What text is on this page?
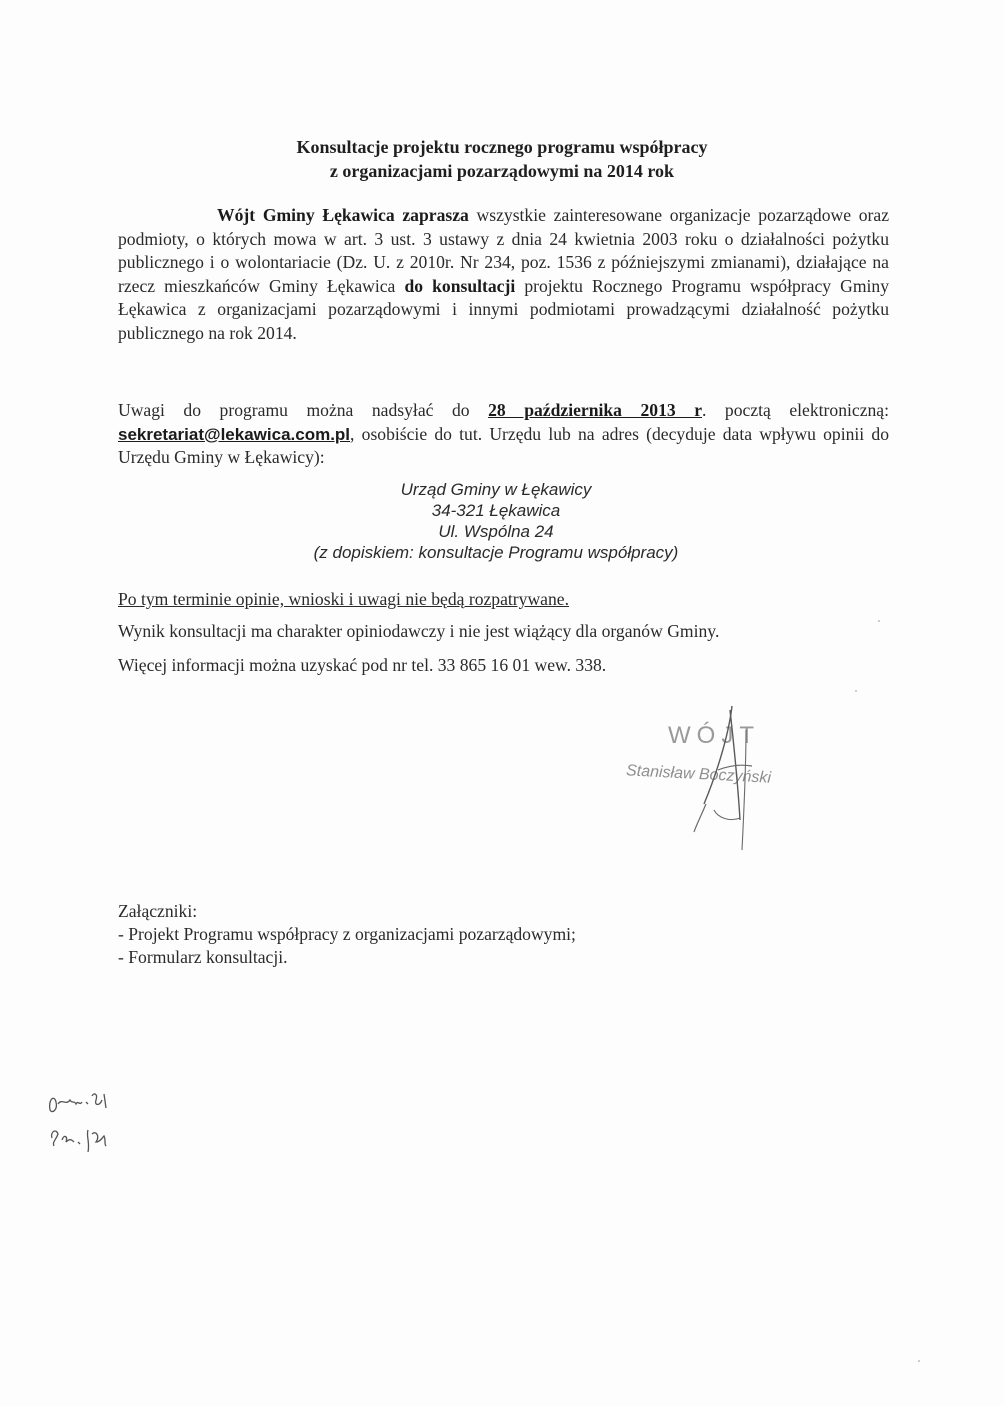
Konsultacje projektu rocznego programu współpracy
z organizacjami pozarządowymi na 2014 rok
Wójt Gminy Łękawica zaprasza wszystkie zainteresowane organizacje pozarządowe oraz podmioty, o których mowa w art. 3 ust. 3 ustawy z dnia 24 kwietnia 2003 roku o działalności pożytku publicznego i o wolontariacie (Dz. U. z 2010r. Nr 234, poz. 1536 z późniejszymi zmianami), działające na rzecz mieszkańców Gminy Łękawica do konsultacji projektu Rocznego Programu współpracy Gminy Łękawica z organizacjami pozarządowymi i innymi podmiotami prowadzącymi działalność pożytku publicznego na rok 2014.
Uwagi do programu można nadsyłać do 28 października 2013 r. pocztą elektroniczną: sekretariat@lekawica.com.pl, osobiście do tut. Urzędu lub na adres (decyduje data wpływu opinii do Urzędu Gminy w Łękawicy):
Urząd Gminy w Łękawicy
34-321 Łękawica
Ul. Wspólna 24
(z dopiskiem: konsultacje Programu współpracy)
Po tym terminie opinie, wnioski i uwagi nie będą rozpatrywane.
Wynik konsultacji ma charakter opiniodawczy i nie jest wiążący dla organów Gminy.
Więcej informacji można uzyskać pod nr tel. 33 865 16 01 wew. 338.
WÓJT
Stanisław Boczyński
Załączniki:
- Projekt Programu współpracy z organizacjami pozarządowymi;
- Formularz konsultacji.
